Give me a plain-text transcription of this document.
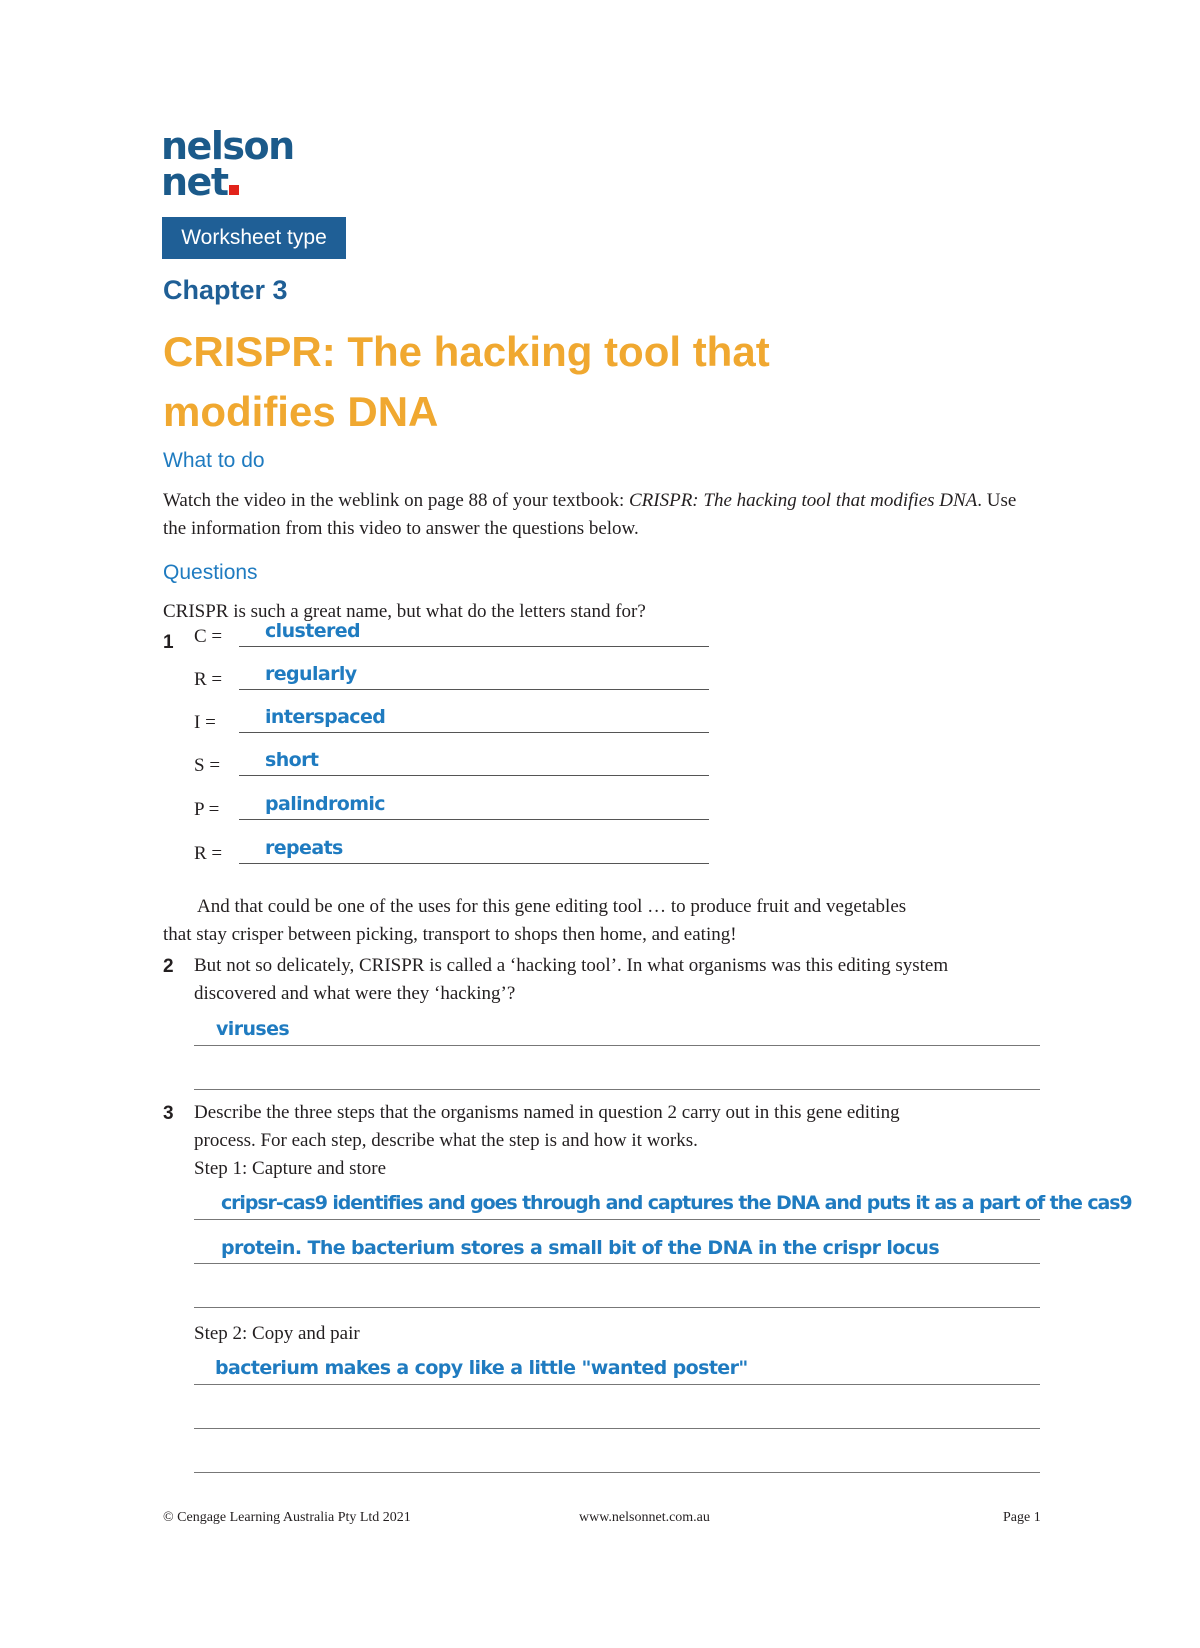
nelson
net
Worksheet type
Chapter 3
CRISPR: The hacking tool that
modifies DNA
What to do
Watch the video in the weblink on page 88 of your textbook: CRISPR: The hacking tool that modifies DNA. Use the information from this video to answer the questions below.
Questions
CRISPR is such a great name, but what do the letters stand for?
1 C =	clustered
R =	regularly
I =	interspaced
S =	short
P =	palindromic
R =	repeats
And that could be one of the uses for this gene editing tool … to produce fruit and vegetables
that stay crisper between picking, transport to shops then home, and eating!
2 But not so delicately, CRISPR is called a ‘hacking tool’. In what organisms was this editing system
discovered and what were they ‘hacking’?
viruses
3 Describe the three steps that the organisms named in question 2 carry out in this gene editing
process. For each step, describe what the step is and how it works.
Step 1: Capture and store
cripsr-cas9 identifies and goes through and captures the DNA and puts it as a part of the cas9
protein. The bacterium stores a small bit of the DNA in the crispr locus
Step 2: Copy and pair
bacterium makes a copy like a little "wanted poster"
© Cengage Learning Australia Pty Ltd 2021	www.nelsonnet.com.au	Page 1
